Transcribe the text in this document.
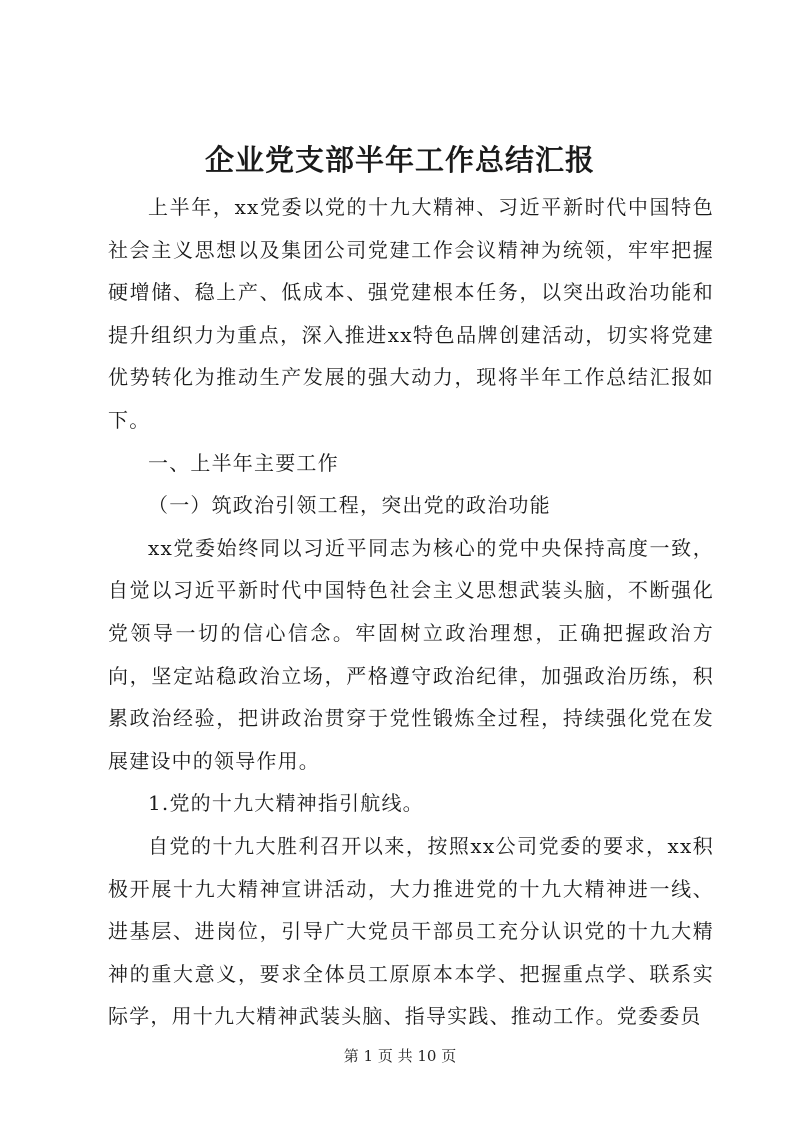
企业党支部半年工作总结汇报

上半年，xx党委以党的十九大精神、习近平新时代中国特色社会主义思想以及集团公司党建工作会议精神为统领，牢牢把握硬增储、稳上产、低成本、强党建根本任务，以突出政治功能和提升组织力为重点，深入推进xx特色品牌创建活动，切实将党建优势转化为推动生产发展的强大动力，现将半年工作总结汇报如下。

一、上半年主要工作

（一）筑政治引领工程，突出党的政治功能

xx党委始终同以习近平同志为核心的党中央保持高度一致，自觉以习近平新时代中国特色社会主义思想武装头脑，不断强化党领导一切的信心信念。牢固树立政治理想，正确把握政治方向，坚定站稳政治立场，严格遵守政治纪律，加强政治历练，积累政治经验，把讲政治贯穿于党性锻炼全过程，持续强化党在发展建设中的领导作用。

1.党的十九大精神指引航线。

自党的十九大胜利召开以来，按照xx公司党委的要求，xx积极开展十九大精神宣讲活动，大力推进党的十九大精神进一线、进基层、进岗位，引导广大党员干部员工充分认识党的十九大精神的重大意义，要求全体员工原原本本学、把握重点学、联系实际学，用十九大精神武装头脑、指导实践、推动工作。党委委员

第 1 页 共 10 页
